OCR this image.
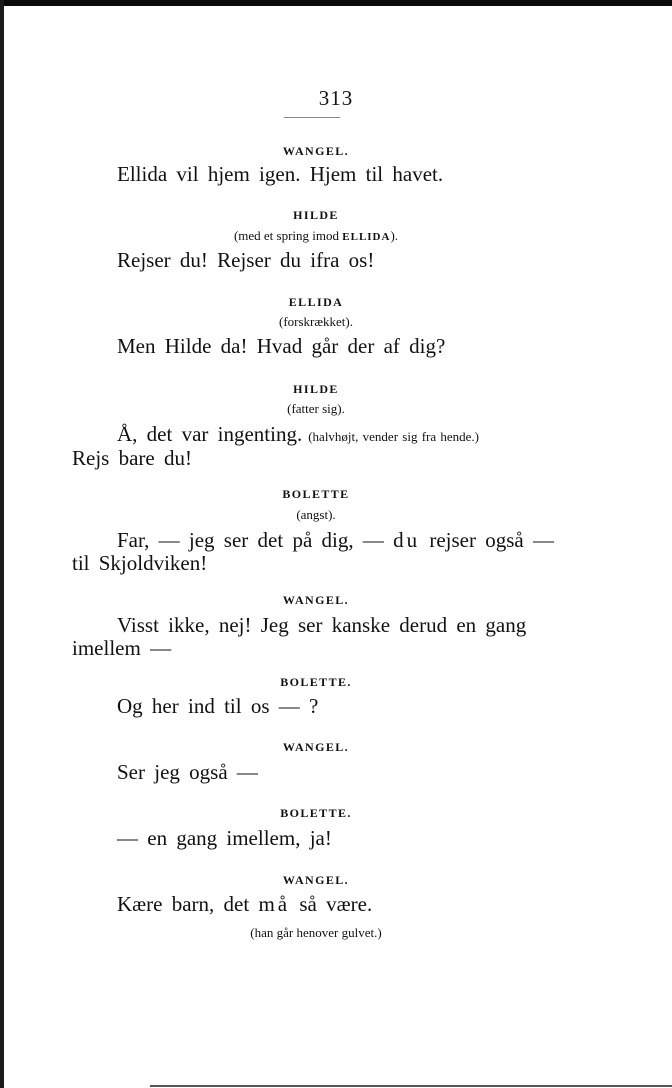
313
WANGEL.
Ellida vil hjem igen. Hjem til havet.
HILDE
(med et spring imod ELLIDA).
Rejser du! Rejser du ifra os!
ELLIDA
(forskrækket).
Men Hilde da! Hvad går der af dig?
HILDE
(fatter sig).
Å, det var ingenting. (halvhøjt, vender sig fra hende.)
Rejs bare du!
BOLETTE
(angst).
Far, — jeg ser det på dig, — du rejser også —
til Skjoldviken!
WANGEL.
Visst ikke, nej! Jeg ser kanske derud en gang
imellem —
BOLETTE.
Og her ind til os — ?
WANGEL.
Ser jeg også —
BOLETTE.
— en gang imellem, ja!
WANGEL.
Kære barn, det må så være.
(han går henover gulvet.)
